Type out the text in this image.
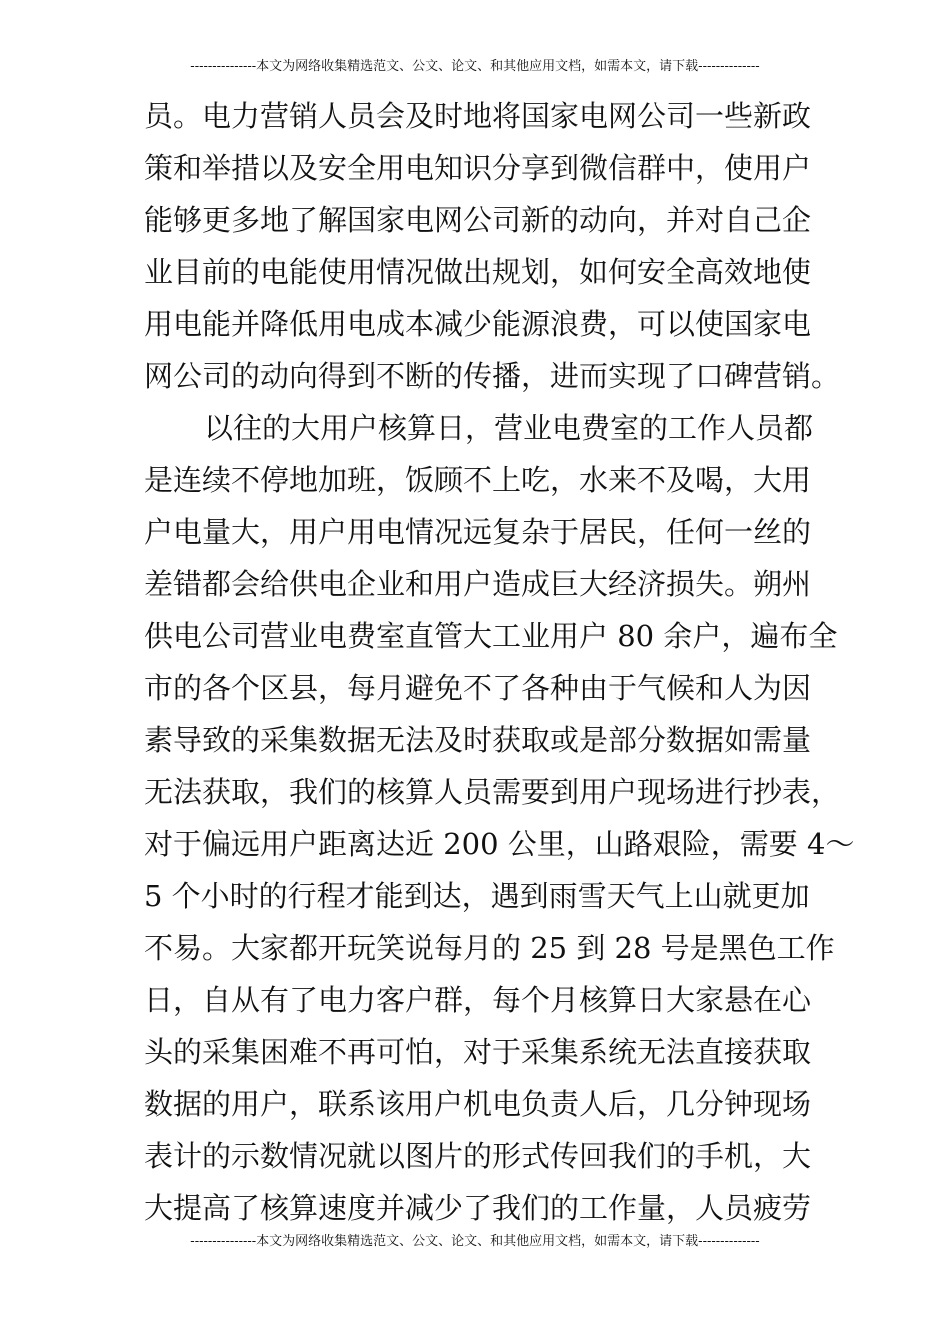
---------------本文为网络收集精选范文、公文、论文、和其他应用文档，如需本文，请下载--------------
员。电力营销人员会及时地将国家电网公司一些新政
策和举措以及安全用电知识分享到微信群中，使用户
能够更多地了解国家电网公司新的动向，并对自己企
业目前的电能使用情况做出规划，如何安全高效地使
用电能并降低用电成本减少能源浪费，可以使国家电
网公司的动向得到不断的传播，进而实现了口碑营销。
以往的大用户核算日，营业电费室的工作人员都
是连续不停地加班，饭顾不上吃，水来不及喝，大用
户电量大，用户用电情况远复杂于居民，任何一丝的
差错都会给供电企业和用户造成巨大经济损失。朔州
供电公司营业电费室直管大工业用户 80 余户，遍布全
市的各个区县，每月避免不了各种由于气候和人为因
素导致的采集数据无法及时获取或是部分数据如需量
无法获取，我们的核算人员需要到用户现场进行抄表，
对于偏远用户距离达近 200 公里，山路艰险，需要 4～
5 个小时的行程才能到达，遇到雨雪天气上山就更加
不易。大家都开玩笑说每月的 25 到 28 号是黑色工作
日，自从有了电力客户群，每个月核算日大家悬在心
头的采集困难不再可怕，对于采集系统无法直接获取
数据的用户，联系该用户机电负责人后，几分钟现场
表计的示数情况就以图片的形式传回我们的手机，大
大提高了核算速度并减少了我们的工作量，人员疲劳
---------------本文为网络收集精选范文、公文、论文、和其他应用文档，如需本文，请下载--------------
